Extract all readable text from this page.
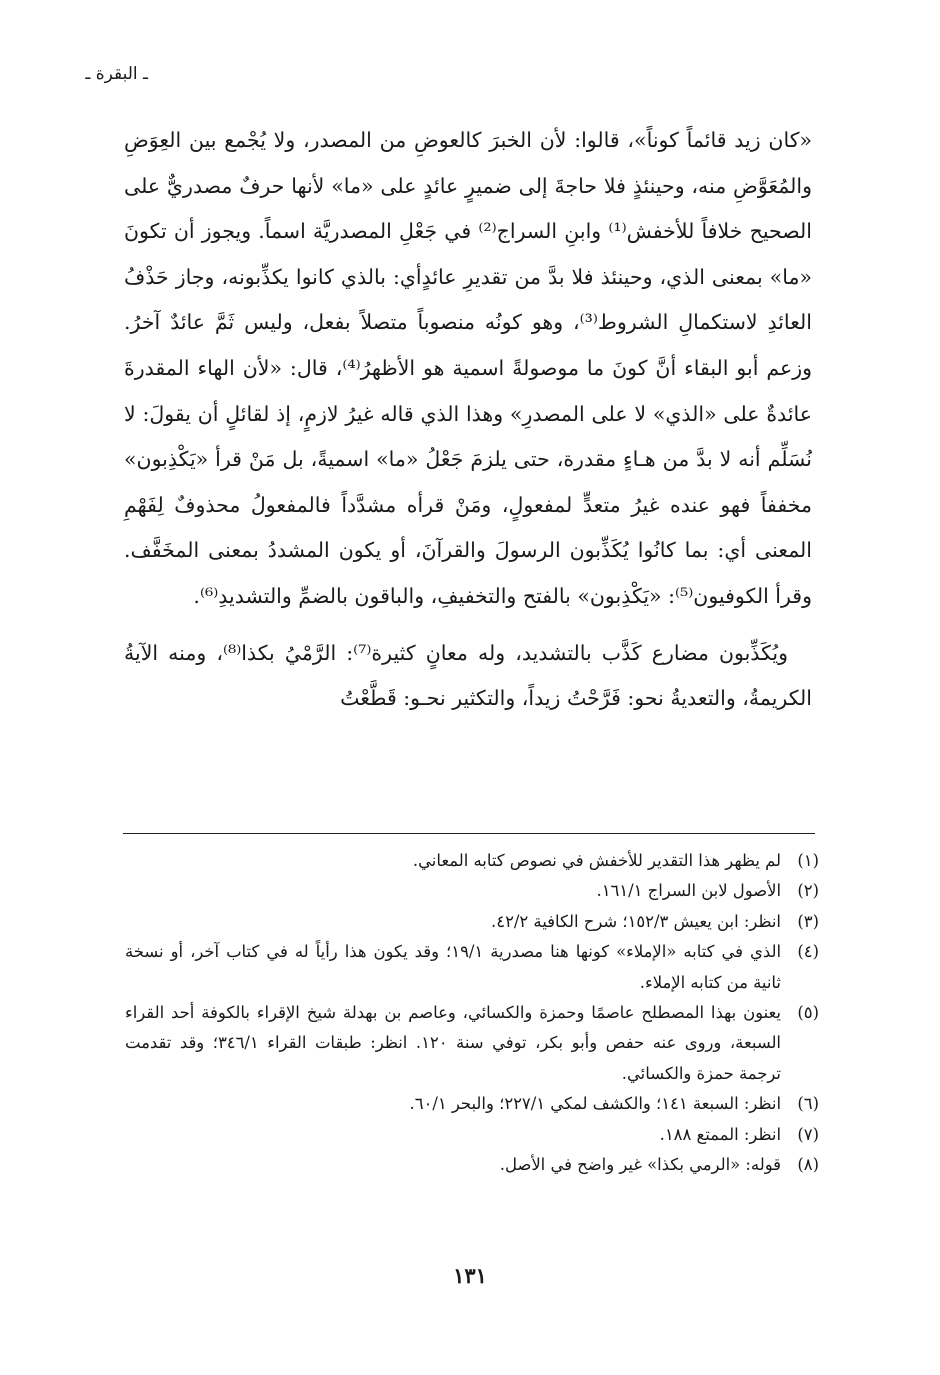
ـ البقرة ـ

«كان زيد قائماً كوناً»، قالوا: لأن الخبرَ كالعوضِ من المصدر، ولا يُجْمع بين العِوَضِ والمُعَوَّضِ منه، وحينئذٍ فلا حاجةَ إلى ضميرٍ عائدٍ على «ما» لأنها حرفٌ مصدريٌّ على الصحيح خلافاً للأخفش⁽¹⁾ وابنِ السراج⁽²⁾ في جَعْلِ المصدريَّة اسماً. ويجوز أن تكونَ «ما» بمعنى الذي، وحينئذ فلا بدَّ من تقديرِ عائدٍأي: بالذي كانوا يكذِّبونه، وجاز حَذْفُ العائدِ لاستكمالِ الشروط⁽³⁾، وهو كونُه منصوباً متصلاً بفعل، وليس ثَمَّ عائدٌ آخرُ. وزعم أبو البقاء أنَّ كونَ ما موصولةً اسمية هو الأظهرُ⁽⁴⁾، قال: «لأن الهاء المقدرةَ عائدةٌ على «الذي» لا على المصدرِ» وهذا الذي قاله غيرُ لازمٍ، إذ لقائلٍ أن يقولَ: لا نُسَلِّم أنه لا بدَّ من هـاءٍ مقدرة، حتى يلزمَ جَعْلُ «ما» اسميةً، بل مَنْ قرأ «يَكْذِبون» مخففاً فهو عنده غيرُ متعدٍّ لمفعولٍ، ومَنْ قرأه مشدَّداً فالمفعولُ محذوفٌ لِفَهْمِ المعنى أي: بما كانُوا يُكَذِّبون الرسولَ والقرآنَ، أو يكون المشددُ بمعنى المخَفَّف. وقرأ الكوفيون⁽⁵⁾: «يَكْذِبون» بالفتح والتخفيفِ، والباقون بالضمِّ والتشديدِ⁽⁶⁾.

ويُكَذِّبون مضارع كَذَّب بالتشديد، وله معانٍ كثيرة⁽⁷⁾: الرَّمْيُ بكذا⁽⁸⁾، ومنه الآيةُ الكريمةُ، والتعديةُ نحو: فَرَّحْتُ زيداً، والتكثير نحـو: قَطَّعْتُ

(١)
لم يظهر هذا التقدير للأخفش في نصوص كتابه المعاني.
(٢)
الأصول لابن السراج ١٦١/١.
(٣)
انظر: ابن يعيش ١٥٢/٣؛ شرح الكافية ٤٢/٢.
(٤)
الذي في كتابه «الإملاء» كونها هنا مصدرية ١٩/١؛ وقد يكون هذا رأياً له في كتاب آخر، أو نسخة ثانية من كتابه الإملاء.
(٥)
يعنون بهذا المصطلح عاصمًا وحمزة والكسائي، وعاصم بن بهدلة شيخ الإقراء بالكوفة أحد القراء السبعة، وروى عنه حفص وأبو بكر، توفي سنة ١٢٠. انظر: طبقات القراء ٣٤٦/١؛ وقد تقدمت ترجمة حمزة والكسائي.
(٦)
انظر: السبعة ١٤١؛ والكشف لمكي ٢٢٧/١؛ والبحر ٦٠/١.
(٧)
انظر: الممتع ١٨٨.
(٨)
قوله: «الرمي بكذا» غير واضح في الأصل.
١٣١
